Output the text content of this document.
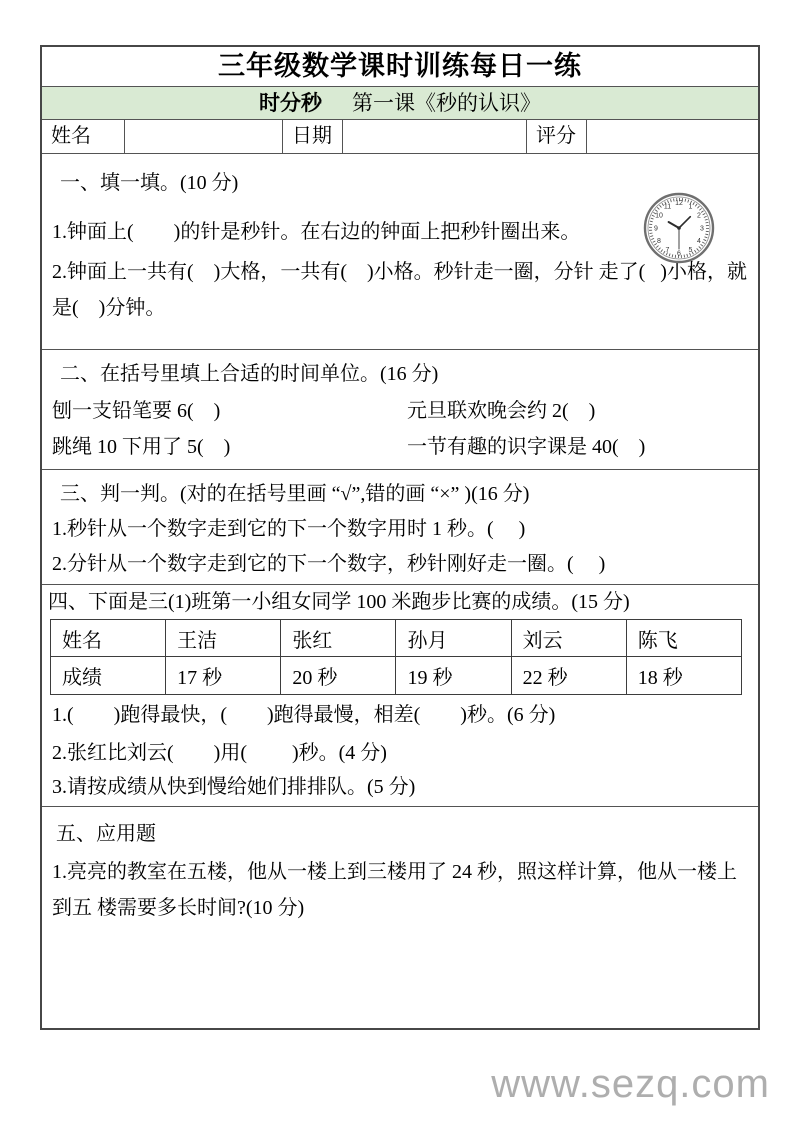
三年级数学课时训练每日一练
时分秒 第一课《秒的认识》
姓名	日期	评分

一、填一填。(10 分)

12 1
2
3
4
5
6
7
8
9
10
11

1.钟面上(        )的针是秒针。在右边的钟面上把秒针圈出来。

2.钟面上一共有(    )大格，一共有(    )小格。秒针走一圈，分针 走了(   )小格，就是(    )分钟。

二、在括号里填上合适的时间单位。(16 分)

刨一支铅笔要 6(    )	元旦联欢晚会约 2(    )

跳绳 10 下用了 5(    )	一节有趣的识字课是 40(    )

三、判一判。(对的在括号里画 “√”,错的画 “×” )(16 分)

1.秒针从一个数字走到它的下一个数字用时 1 秒。(     )

2.分针从一个数字走到它的下一个数字，秒针刚好走一圈。(     )

四、下面是三(1)班第一小组女同学 100 米跑步比赛的成绩。(15 分)

姓名	王洁	张红	孙月	刘云	陈飞
成绩	17 秒	20 秒	19 秒	22 秒	18 秒

1.(        )跑得最快，(        )跑得最慢，相差(        )秒。(6 分)

2.张红比刘云(        )用(         )秒。(4 分)

3.请按成绩从快到慢给她们排排队。(5 分)

五、应用题

1.亮亮的教室在五楼，他从一楼上到三楼用了 24 秒，照这样计算，他从一楼上到五 楼需要多长时间?(10 分)

www.sezq.com
